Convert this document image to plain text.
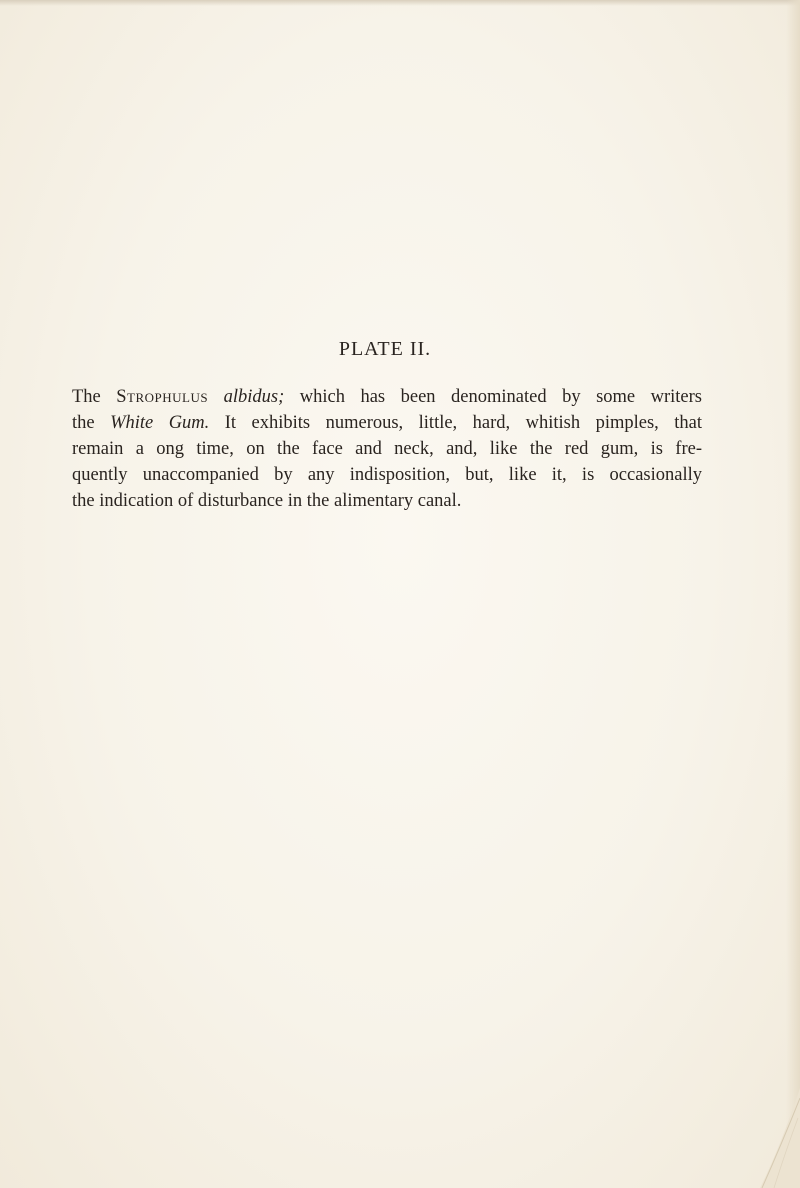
PLATE II.
The Strophulus albidus; which has been denominated by some writers
the White Gum. It exhibits numerous, little, hard, whitish pimples, that
remain a ong time, on the face and neck, and, like the red gum, is fre-
quently unaccompanied by any indisposition, but, like it, is occasionally
the indication of disturbance in the alimentary canal.
